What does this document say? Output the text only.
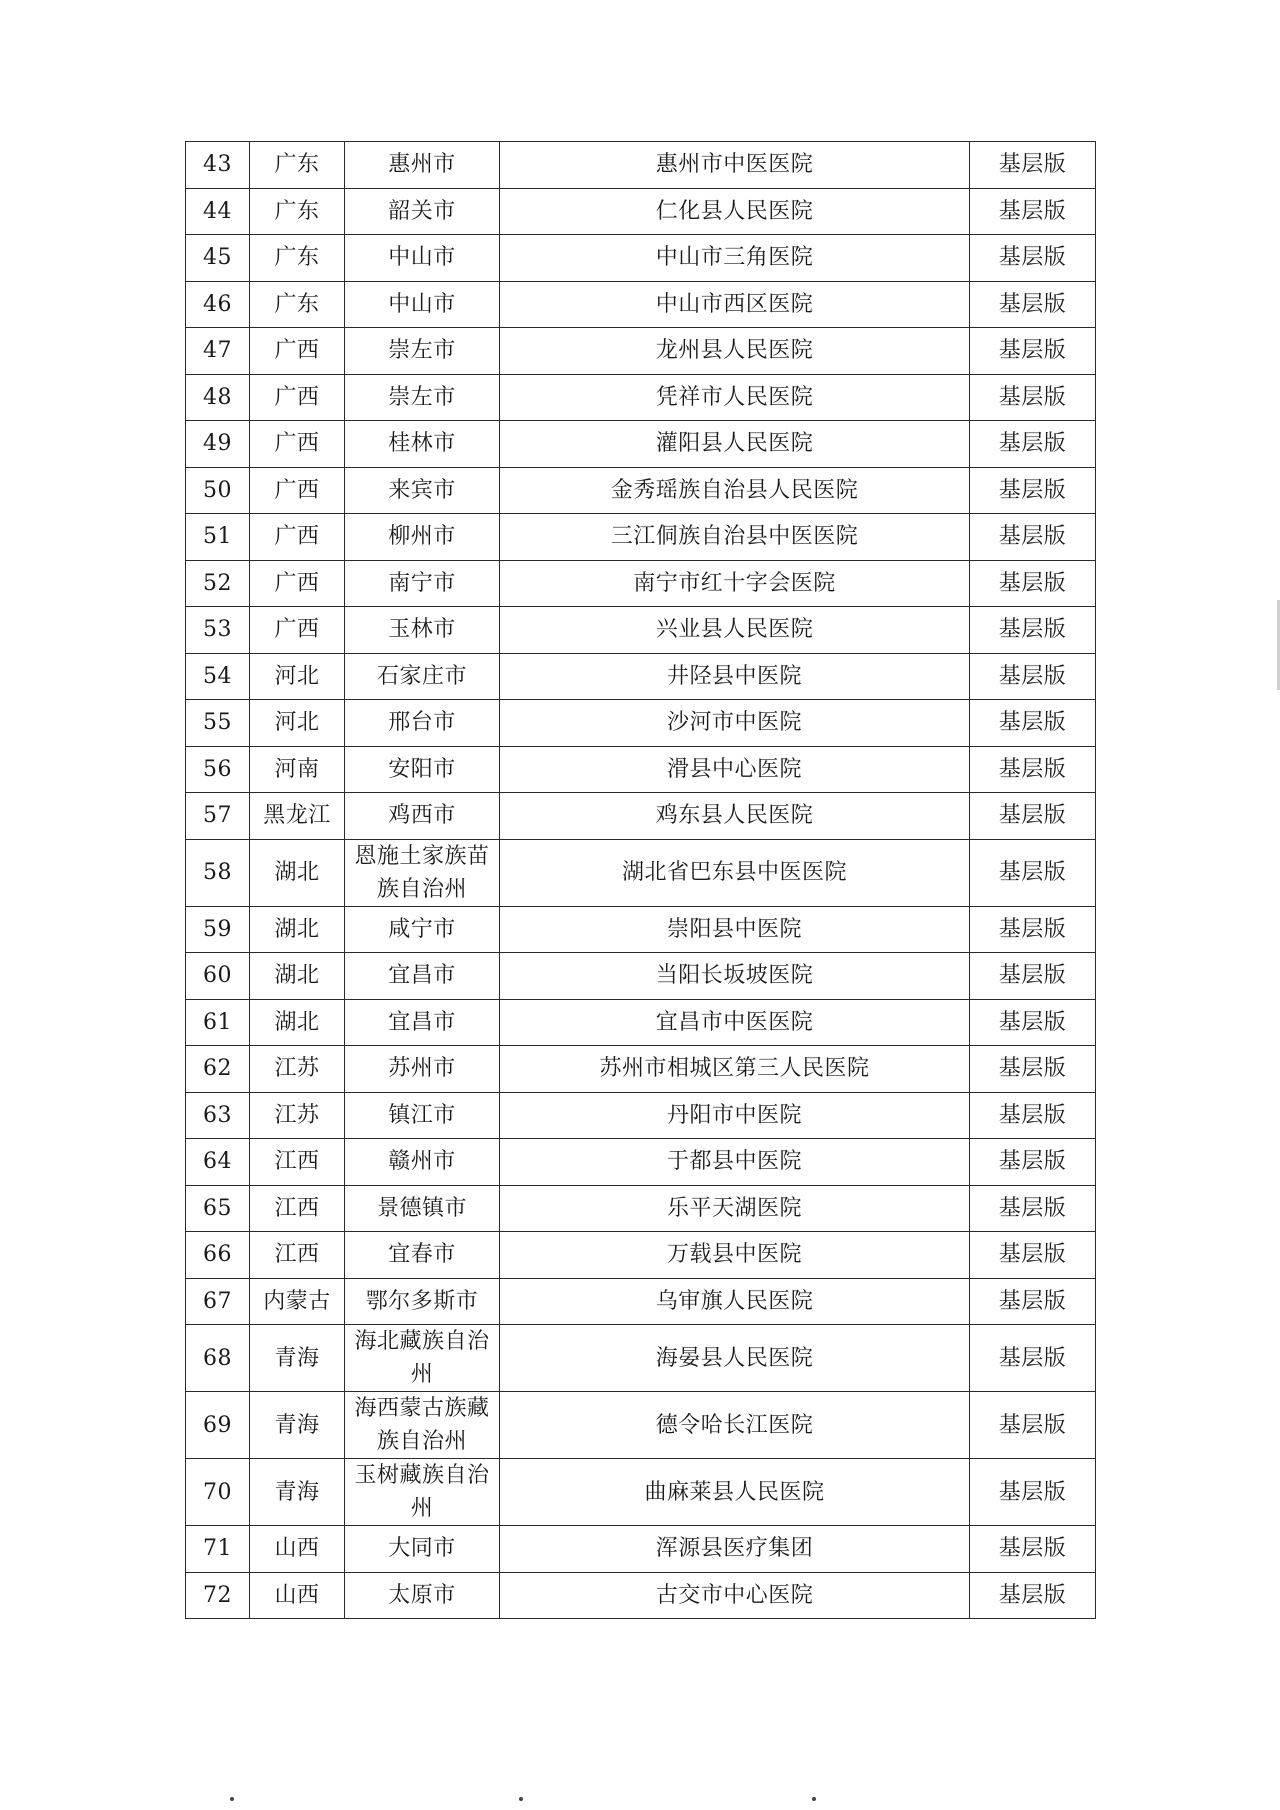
43	广东	惠州市	惠州市中医医院	基层版
44	广东	韶关市	仁化县人民医院	基层版
45	广东	中山市	中山市三角医院	基层版
46	广东	中山市	中山市西区医院	基层版
47	广西	崇左市	龙州县人民医院	基层版
48	广西	崇左市	凭祥市人民医院	基层版
49	广西	桂林市	灌阳县人民医院	基层版
50	广西	来宾市	金秀瑶族自治县人民医院	基层版
51	广西	柳州市	三江侗族自治县中医医院	基层版
52	广西	南宁市	南宁市红十字会医院	基层版
53	广西	玉林市	兴业县人民医院	基层版
54	河北	石家庄市	井陉县中医院	基层版
55	河北	邢台市	沙河市中医院	基层版
56	河南	安阳市	滑县中心医院	基层版
57	黑龙江	鸡西市	鸡东县人民医院	基层版
58	湖北	恩施土家族苗族自治州	湖北省巴东县中医医院	基层版
59	湖北	咸宁市	崇阳县中医院	基层版
60	湖北	宜昌市	当阳长坂坡医院	基层版
61	湖北	宜昌市	宜昌市中医医院	基层版
62	江苏	苏州市	苏州市相城区第三人民医院	基层版
63	江苏	镇江市	丹阳市中医院	基层版
64	江西	赣州市	于都县中医院	基层版
65	江西	景德镇市	乐平天湖医院	基层版
66	江西	宜春市	万载县中医院	基层版
67	内蒙古	鄂尔多斯市	乌审旗人民医院	基层版
68	青海	海北藏族自治州	海晏县人民医院	基层版
69	青海	海西蒙古族藏族自治州	德令哈长江医院	基层版
70	青海	玉树藏族自治州	曲麻莱县人民医院	基层版
71	山西	大同市	浑源县医疗集团	基层版
72	山西	太原市	古交市中心医院	基层版
